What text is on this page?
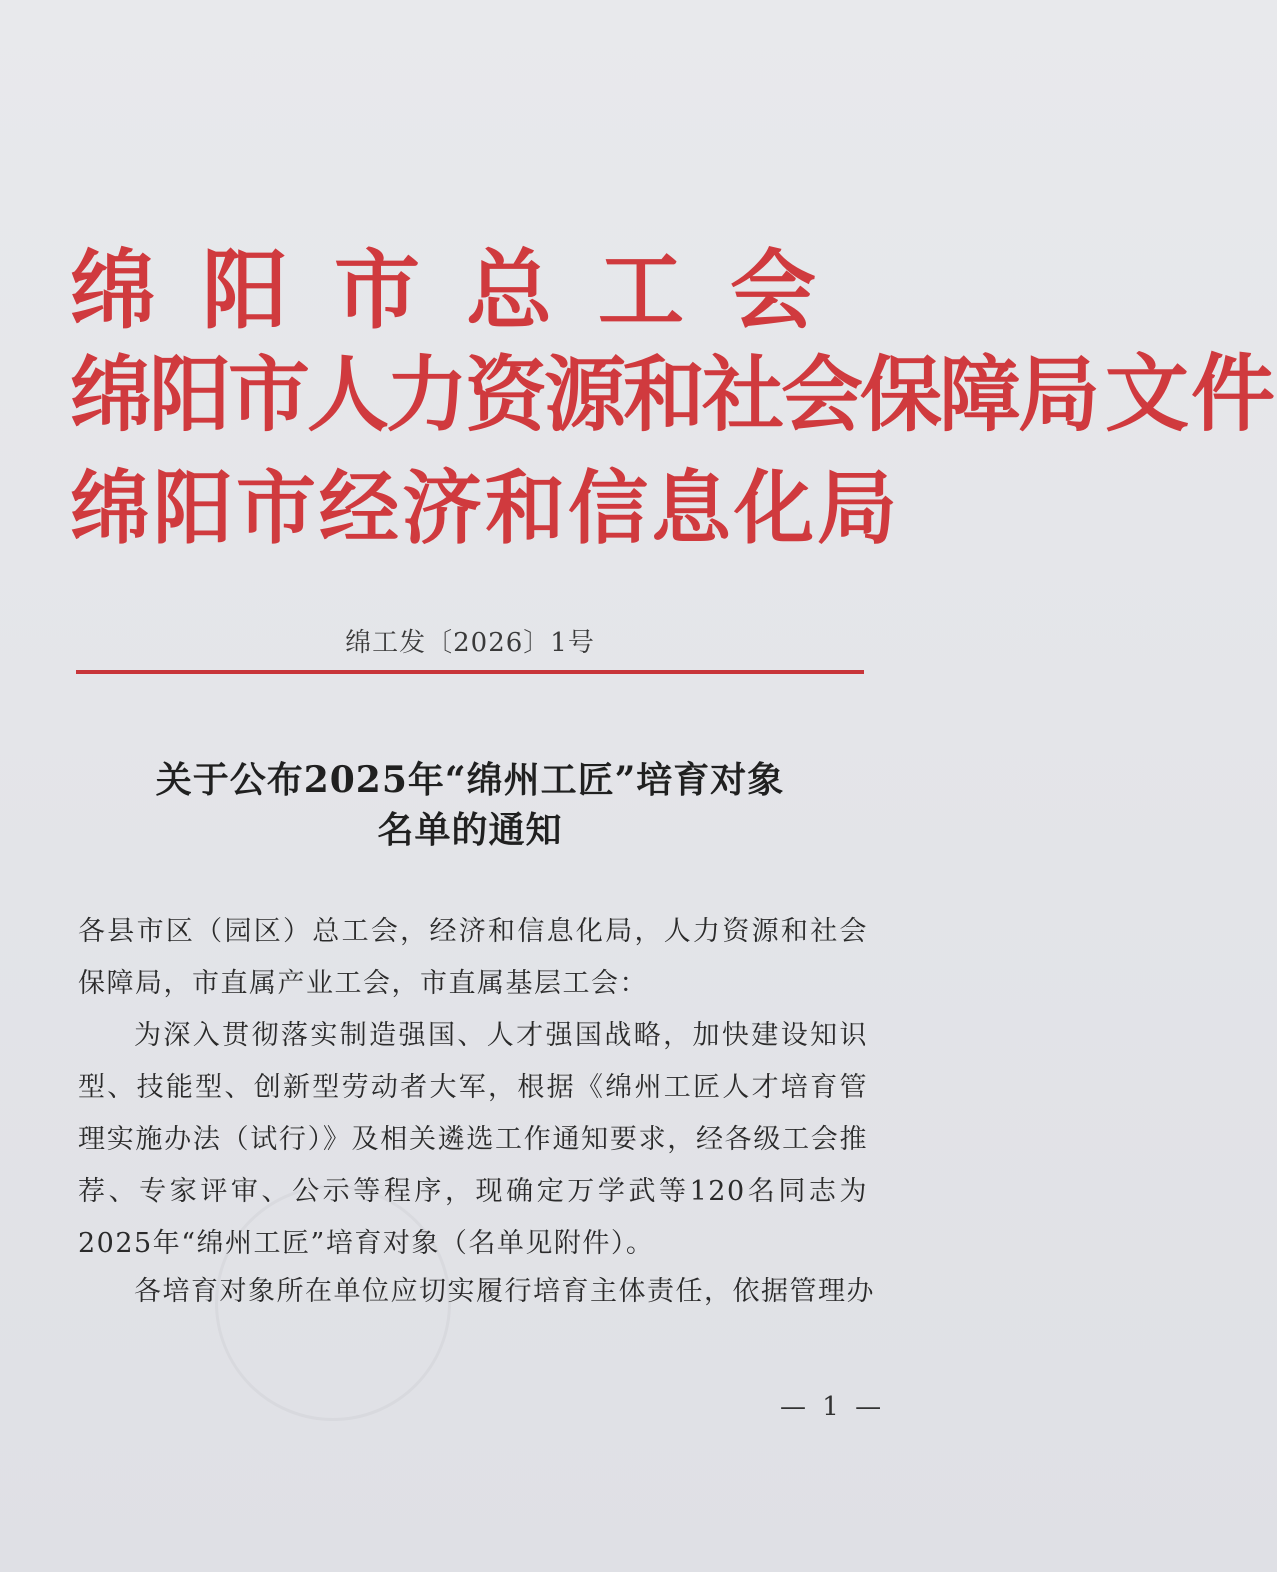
绵阳市总工会
绵阳市人力资源和社会保障局文件
绵阳市经济和信息化局
绵工发〔2026〕1号
关于公布2025年“绵州工匠”培育对象
名单的通知
各县市区（园区）总工会，经济和信息化局，人力资源和社会保障局，市直属产业工会，市直属基层工会：
为深入贯彻落实制造强国、人才强国战略，加快建设知识型、技能型、创新型劳动者大军，根据《绵州工匠人才培育管理实施办法（试行）》及相关遴选工作通知要求，经各级工会推荐、专家评审、公示等程序，现确定万学武等120名同志为2025年“绵州工匠”培育对象（名单见附件）。
各培育对象所在单位应切实履行培育主体责任，依据管理办
— 1 —
